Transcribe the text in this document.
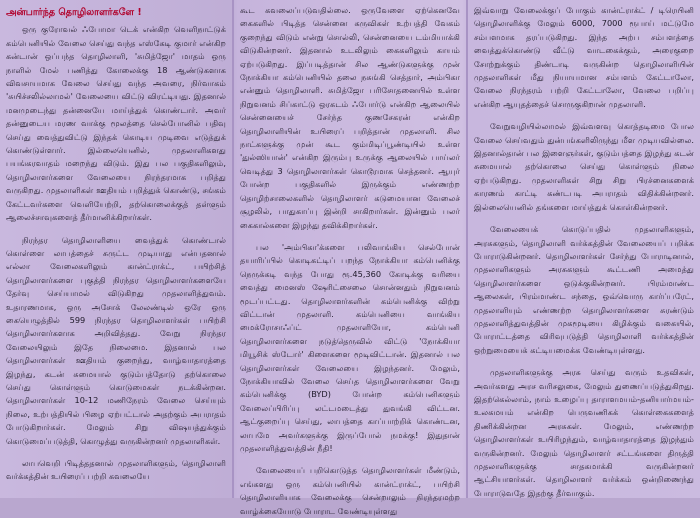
அன்பார்ந்த தொழிலாளர்களே !

ஒரு குரோவல் ஃபோமா டெக் என்கிற வெளிநாட்டுக் கம்பெனியில் வேலை செய்து வந்த எஸ்கேடி குமார் என்கிற கன்டான் ஒப்பந்த தொழிலாளி, 'சுமித்ஜோ' மாதம் ஒரு நாளில் மேல் பணித்து கோலைக்கு 18 ஆண்டுகளாக விவசாயமாக வேலை செய்து வந்த அவரை, நிர்வாகம் 'சுயிச்சலில்லாமல்' வேலையை விட்டு விரட்டியது. இதனால் மனமுடைந்து தன்னையே மாய்த்துக் கொண்டார். அவர் தன்னுடைய மரண வாக்கு மூலத்தை செல்போனில் பதிவு செய்து வைத்துவிட்டு இந்தக் கொடிய முடிவை எடுத்துக் கொண்டுள்ளார். இல்லையெனில், முதலாளிகளது பயங்கரவாதம் மறைந்து விடும். இது பல பகுதிகளிலும், தொழிலாளர்களை வேலையை நிரந்தரமாக பறித்து வருகிறது. முதலாளிகள் ஊதியம் பறித்துக் கொண்டு, சங்கம் கேட்டவர்களை வெளியேற்றி, தற்கொலைக்குத் தள்ளும் ஆலைச்சாவுகளைத் தீர்மானிக்கிறார்கள்.

நிரந்தர தொழிலாளியை வைத்துக் கொண்டால் கொள்ளை லாபத்தைச் சுருட்ட முடியாது என்பதனால் எல்லா வேலைகளிலும் கான்ட்ராக்ட், பயிற்சித் தொழிலாளர்களை புகுத்தி நிரந்தர தொழிலாளர்களையே தேர்வு செய்யாமல் விடுகிறது முதலாளித்துவம். உதாரணமாக, ஒரு அசோக் லேலண்டில் ஒரே ஒரு கையெழுத்தில் 599 நிரந்தர தொழிலாளர்கள் பயிற்சி தொழிலாளர்களாக அறிவித்தது. வேறு நிரந்தர வேலையிலும் இதே நிலைமை. இதனால் பல தொழிலாளர்கள் ஊதியம் குறைந்து, வாழ்வாதாரத்தை இழந்து, கடன் சுமையால் குடும்பத்தோடு தற்கொலை செய்து கொள்ளும் கொடுமைகள் நடக்கின்றன. தொழிலாளர்கள் 10-12 மணிநேரம் வேலை செய்யும் நிலை, உற்பத்தியில் பிழை ஏற்பட்டால் அதற்கும் அபராதம் போடுகிறார்கள். மேலும் சிறு விஷயத்துக்கும் கொடுமைப்படுத்தி, கொழுத்து வருகின்றனர் முதலாளிகள்.

லாபவெறி பிடித்ததனால் முதலாளிகளும், தொழிலாளி வர்க்கத்தின் உயிரைப் பற்றி கவலையே

கூட கவலைப்படுவதில்லை. ஒருவேளை ஏற்கெனவே கைகளில் பிடித்த சென்னை கருவிகள் உற்பத்தி வேகம் குறைந்து விடும் என்று சொல்லி, சென்னையை டம்மியாக்கி விடுகின்றனர். இதனால் உடலிலும் கைகளிலும் காயம் ஏற்படுகிறது. இப்படித்தான் சில ஆண்டுகளுக்கு முன் நோக்கியா கம்பெனியில் தலை நசுங்கி செத்தார், அம்பிகா என்னும் தொழிலாளி. சுமித்ஜோ பரிசோதனையில் உள்ள நிறுவனம் சிப்காட்டு ஒரகடம் ஃபோர்டு என்கிற ஆலையில் சென்னையைச் சேர்ந்த குணசேகரன் என்கிற தொழிலாளியின் உயிரைப் பறித்தான் முதலாளி. சில நாட்களுக்கு முன் கூட கும்மிடிப்பூண்டியில் உள்ள 'துல்ஸியான்' என்கிற இரும்பு உருக்கு ஆலையில் பாய்லர் வெடித்து 3 தொழிலாளர்கள் கொடூரமாக செத்தனர். ஆயுர் போன்ற பகுதிகளில் இருக்கும் எண்ணற்ற தொழிற்சாலைகளில் தொழிலாளர் கடுமையான வேலைச் சூழலில், பாதுகாப்பு இன்றி சாகிறார்கள். இன்னும் பலர் கைகால்களை இழந்து தவிக்கிறார்கள்.

பல 'அம்பிகா'க்களை பலிவாங்கிய செல்போன் தயாரிப்பில் கொடிகட்டிப் பறந்த நோக்கியா கம்பெனிக்கு நெருக்கடி வந்த போது ரூ.45,360 கோடிக்கு வரியை வைத்து மைனஸ் ஷேரிட்சைலை சொன்னதும் நிறுவனம் மூடப்பட்டது. தொழிலாளர்களின் கம்பெனிக்கு விற்று விட்டான் முதலாளி. கம்பெனியை வாங்கிய மைக்ரோசாஃப்ட் முதலாளியோ, கம்பெனி தொழிலாளர்களை நடுத்தெருவில் விட்டு 'நோக்கியா மியூசிக் ஸ்டோர்' கிளைகளை மூடிவிட்டான். இதனால் பல தொழிலாளர்கள் வேலையை இழந்தனர். மேலும், நோக்கியாவில் வேலை செய்த தொழிலாளர்களை வேறு கம்பெனிக்கு (BYD) போன்ற கம்பெனிகளும் வேலைப்பிரிப்பு லட்டமடைத்து துவங்கி விட்டன. ஆட்குறைப்பு செய்து, லாபத்தை காப்பாற்றிக் கொண்டன, லாபமே அவர்களுக்கு இருப்போல் நமக்கு! இதுதான் முதலாளித்துவத்தின் நீதி!

வேலையைப் பறிகொடுத்த தொழிலாளர்கள் மீண்டும், எங்களது ஒரு கம்பெனியில் கான்ட்ராக்ட், பயிற்சி தொழிலாளியாக வேலைக்கு சென்றாலும் நிரந்தரமற்ற வாழ்க்கையோடு போராட வேண்டியுள்ளது

இவ்வாறு வேலைக்குப் போகும் கான்ட்ராக்ட் / டிரெயினி தொழிலாளிக்கு மேலும் 6000, 7000 ரூபாய் மட்டுமே சம்பளமாக தரப்படுகிறது. இந்த அற்ப சம்பளத்தை வைத்துக்கொண்டு வீட்டு வாடகைக்கும், அரைகுறை சோற்றுக்கும் திண்டாடி வருகின்ற தொழிலாளியின் முதலாளிகள் மீது நியாயமான சம்பளம் கேட்டாலோ, வேலை நிரந்தரம் பற்றி கேட்டாலோ, வேலை பறிப்பு என்கிற ஆயுதத்தைச் சொருகுகிறான் முதலாளி.

வேறுவழியில்லாமல் இவ்வளவு கொத்தடிமை போல வேலை செய்வதும் துன்பங்களிலிருந்து மீள முடியவில்லை. இதனால்தான் பல இளைஞர்கள், குடும்பத்தை இழந்து கடன் சுமையால் தற்கொலை செய்து கொள்ளும் நிலை ஏற்படுகிறது. முதலாளிகள் சிறு சிறு பிரச்னைகளைக் காரணம் காட்டி கண்டபடி அபராதம் விதிக்கின்றனர். இல்லையெனில் தங்களை மாய்த்துக் கொள்கின்றனர்.

வேலையைக் கொடுப்பதில் முதலாளிகளும், அரசுகளும், தொழிலாளி வர்க்கத்தின் வேலையைப் பறிக்க போராடுகின்றனர். தொழிலாளர்கள் சேர்ந்து போராடினால், முதலாளிகளும் அரசுகளும் கூட்டணி அமைத்து தொழிலாளர்களை ஒடுக்குகின்றனர். பிரம்மாண்ட ஆலைகள், பிரம்மாண்ட சந்தை, ஒவ்வொரு கார்ப்பரேட், முதலாளியும் எண்ணற்ற தொழிலாளர்களை சுரண்டும் முதலாளித்துவத்தின் முகமூடியை கிழிக்கும் வகையில், போராட்டத்தை விரிவுபடுத்தி தொழிலாளி வர்க்கத்தின் ஒற்றுமையைக் கட்டியமைக்க வேண்டியுள்ளது.

முதலாளிகளுக்கு அரசு செய்து வரும் உதவிகள், அவர்களது அரச வரிசலுகை, மேலும் துணைப்படுத்துகிறது. இதற்கெல்லாம், நாம் உழைப்பு தாராளமயம்-தனியார்மயம்-உலகமயம் என்கிற பெருவணிகக் கொள்கைகளைத் திணிக்கின்றன அரசுகள். மேலும், எண்ணற்ற தொழிலாளர்கள் உயிரிழந்தும், வாழ்வாதாரத்தை இழந்தும் வருகின்றனர். மேலும் தொழிலாளர் சட்டங்களை திருத்தி முதலாளிகளுக்கு சாதகமாக்கி வருகின்றனர் ஆட்சியாளர்கள். தொழிலாளர் வர்க்கம் ஒன்றிணைந்து போராடுவதே இதற்கு தீர்வாகும்.
